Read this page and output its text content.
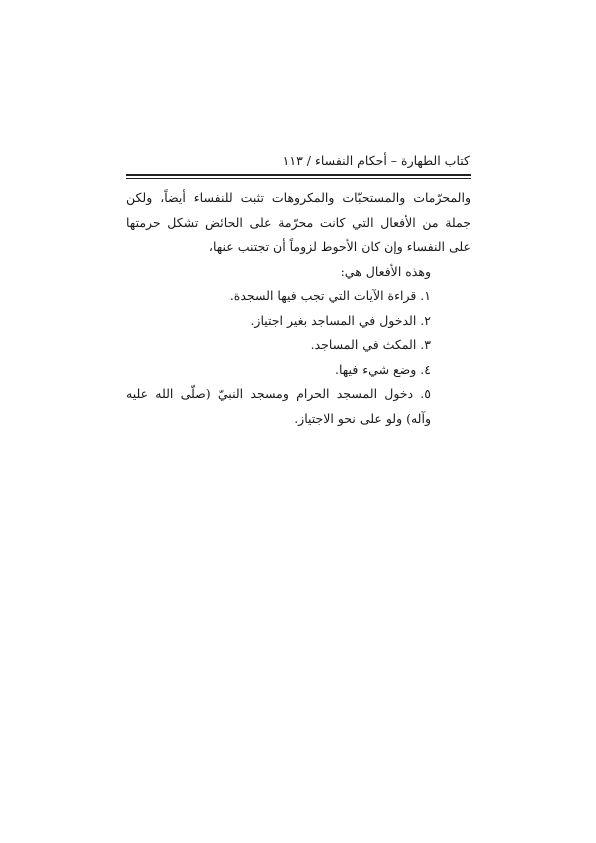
كتاب الطهارة – أحكام النفساء / ١١٣

والمحرّمات والمستحبّات والمكروهات تثبت للنفساء أيضاً، ولكن جملة من الأفعال التي كانت محرّمة على الحائض تشكل حرمتها على النفساء وإن كان الأحوط لزوماً أن تجتنب عنها،

وهذه الأفعال هي:

١. قراءة الآيات التي تجب فيها السجدة.
٢. الدخول في المساجد بغير اجتياز.
٣. المكث في المساجد.
٤. وضع شيء فيها.
٥. دخول المسجد الحرام ومسجد النبيّ (صلّى الله عليه وآله) ولو على نحو الاجتياز.
